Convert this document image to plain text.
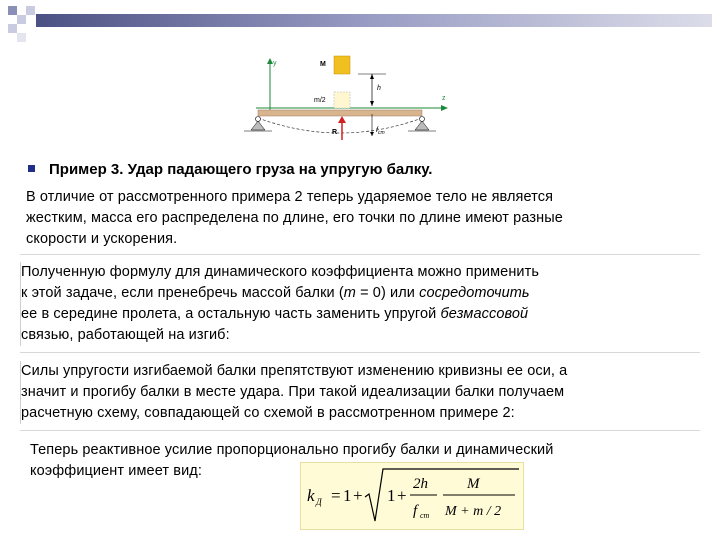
y
z
M
h
m/2
R	$f_{ст}$
Пример 3. Удар падающего груза на упругую балку.
В отличие от рассмотренного примера 2 теперь ударяемое тело не является
жестким, масса его распределена по длине, его точки по длине имеют разные
скорости и ускорения.
Полученную формулу для динамического коэффициента можно применить
к этой задаче, если пренебречь массой балки (m = 0) или сосредоточить
ее в середине пролета, а остальную часть заменить упругой безмассовой
связью, работающей на изгиб:
Силы упругости изгибаемой балки препятствуют изменению кривизны ее оси, а
значит и прогибу балки в месте удара. При такой идеализации балки получаем
расчетную схему, совпадающей со схемой в рассмотренном примере 2:
Теперь реактивное усилие пропорционально прогибу балки и динамический
коэффициент имеет вид:
k Д = 1 + 1 +
2h
f ст
M
M + m / 2
